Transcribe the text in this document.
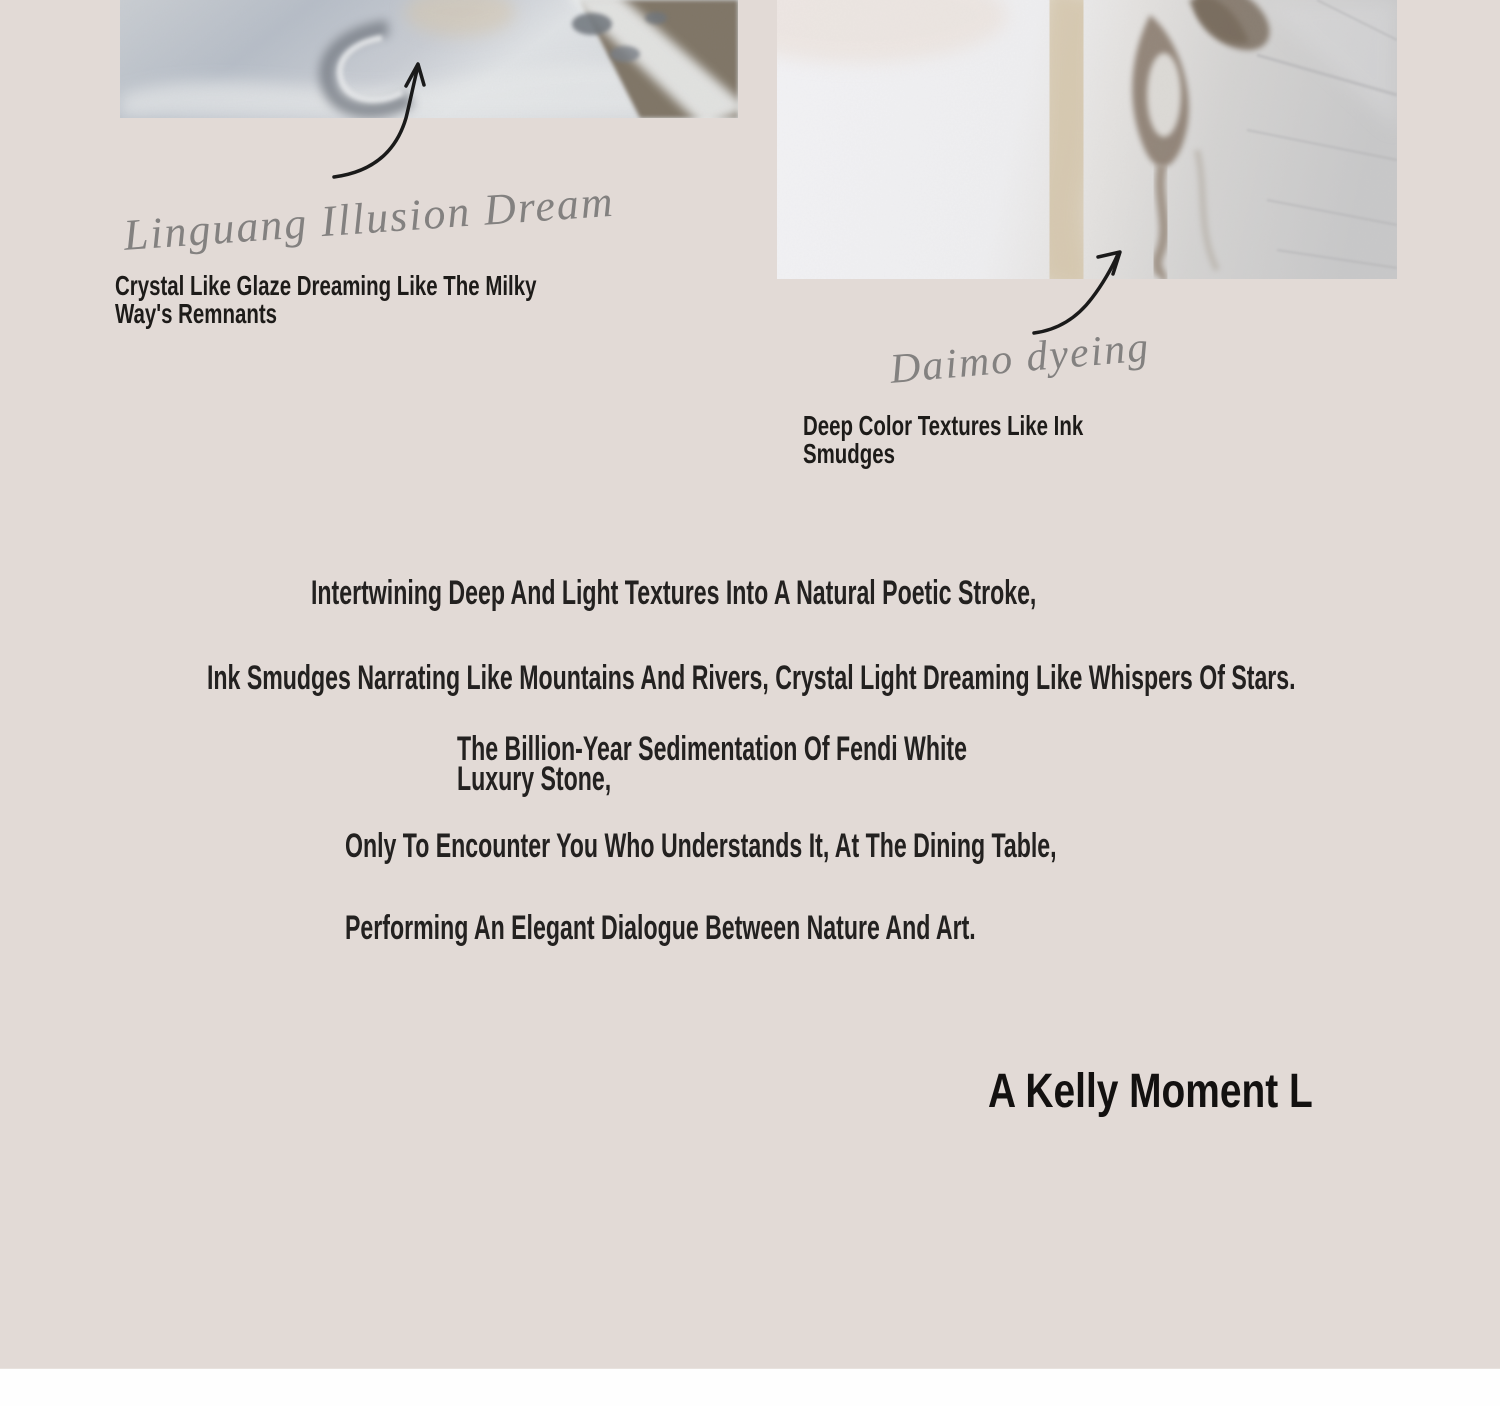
Linguang Illusion Dream
Daimo dyeing
Crystal Like Glaze Dreaming Like The Milky
Way's Remnants
Deep Color Textures Like Ink
Smudges
Intertwining Deep And Light Textures Into A Natural Poetic Stroke,
Ink Smudges Narrating Like Mountains And Rivers, Crystal Light Dreaming Like Whispers Of Stars.
The Billion-Year Sedimentation Of Fendi White
Luxury Stone,
Only To Encounter You Who Understands It, At The Dining Table,
Performing An Elegant Dialogue Between Nature And Art.
A Kelly Moment L
